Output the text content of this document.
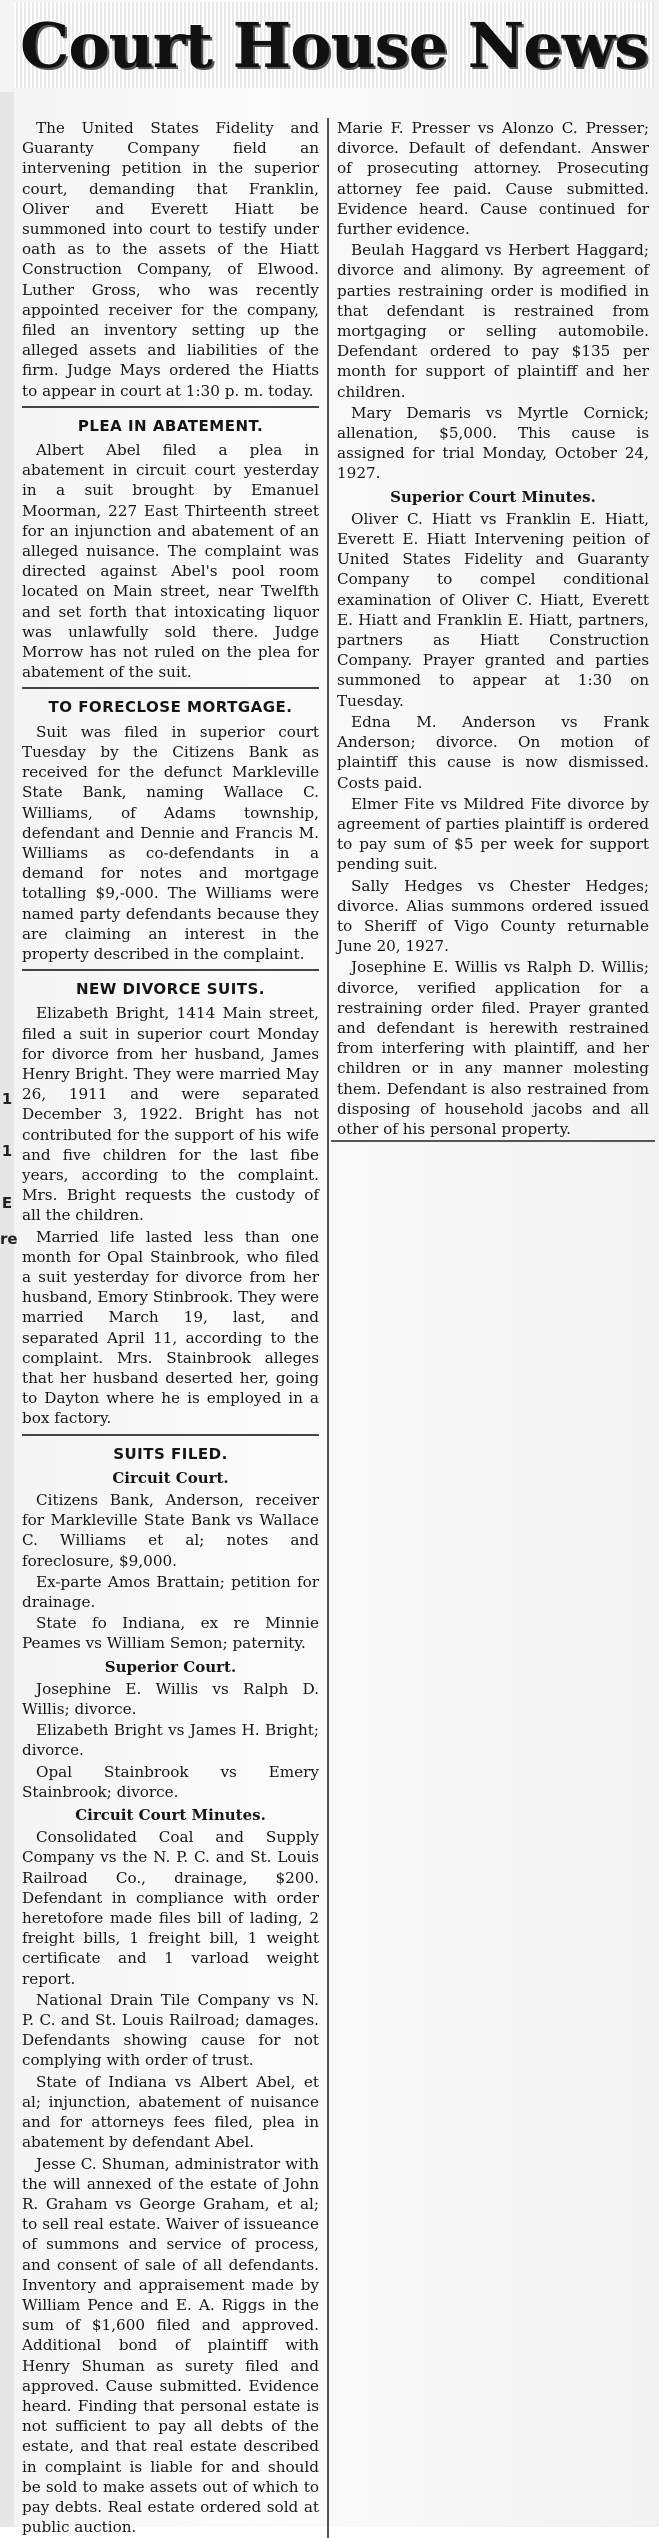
Court House News
1
1
E
re

The United States Fidelity and Guaranty Company field an intervening petition in the superior court, demanding that Franklin, Oliver and Everett Hiatt be summoned into court to testify under oath as to the assets of the Hiatt Construction Company, of Elwood. Luther Gross, who was recently appointed receiver for the company, filed an inventory setting up the alleged assets and liabilities of the firm. Judge Mays ordered the Hiatts to appear in court at 1:30 p. m. today.

PLEA IN ABATEMENT.

Albert Abel filed a plea in abatement in circuit court yesterday in a suit brought by Emanuel Moorman, 227 East Thirteenth street for an injunction and abatement of an alleged nuisance. The complaint was directed against Abel's pool room located on Main street, near Twelfth and set forth that intoxicating liquor was unlawfully sold there. Judge Morrow has not ruled on the plea for abatement of the suit.

TO FORECLOSE MORTGAGE.

Suit was filed in superior court Tuesday by the Citizens Bank as received for the defunct Markleville State Bank, naming Wallace C. Williams, of Adams township, defendant and Dennie and Francis M. Williams as co-defendants in a demand for notes and mortgage totalling $9,-000. The Williams were named party defendants because they are claiming an interest in the property described in the complaint.

NEW DIVORCE SUITS.

Elizabeth Bright, 1414 Main street, filed a suit in superior court Monday for divorce from her husband, James Henry Bright. They were married May 26, 1911 and were separated December 3, 1922. Bright has not contributed for the support of his wife and five children for the last fibe years, according to the complaint. Mrs. Bright requests the custody of all the children.

Married life lasted less than one month for Opal Stainbrook, who filed a suit yesterday for divorce from her husband, Emory Stinbrook. They were married March 19, last, and separated April 11, according to the complaint. Mrs. Stainbrook alleges that her husband deserted her, going to Dayton where he is employed in a box factory.

SUITS FILED.
Circuit Court.

Citizens Bank, Anderson, receiver for Markleville State Bank vs Wallace C. Williams et al; notes and foreclosure, $9,000.

Ex-parte Amos Brattain; petition for drainage.

State fo Indiana, ex re Minnie Peames vs William Semon; paternity.

Superior Court.

Josephine E. Willis vs Ralph D. Willis; divorce.

Elizabeth Bright vs James H. Bright; divorce.

Opal Stainbrook vs Emery Stainbrook; divorce.

Circuit Court Minutes.

Consolidated Coal and Supply Company vs the N. P. C. and St. Louis Railroad Co., drainage, $200. Defendant in compliance with order heretofore made files bill of lading, 2 freight bills, 1 freight bill, 1 weight certificate and 1 varload weight report.

National Drain Tile Company vs N. P. C. and St. Louis Railroad; damages. Defendants showing cause for not complying with order of trust.

State of Indiana vs Albert Abel, et al; injunction, abatement of nuisance and for attorneys fees filed, plea in abatement by defendant Abel.

Jesse C. Shuman, administrator with the will annexed of the estate of John R. Graham vs George Graham, et al; to sell real estate. Waiver of issueance of summons and service of process, and consent of sale of all defendants. Inventory and appraisement made by William Pence and E. A. Riggs in the sum of $1,600 filed and approved. Additional bond of plaintiff with Henry Shuman as surety filed and approved. Cause submitted. Evidence heard. Finding that personal estate is not sufficient to pay all debts of the estate, and that real estate described in complaint is liable for and should be sold to make assets out of which to pay debts. Real estate ordered sold at public auction.

Marie F. Presser vs Alonzo C. Presser; divorce. Default of defendant. Answer of prosecuting attorney. Prosecuting attorney fee paid. Cause submitted. Evidence heard. Cause continued for further evidence.

Beulah Haggard vs Herbert Haggard; divorce and alimony. By agreement of parties restraining order is modified in that defendant is restrained from mortgaging or selling automobile. Defendant ordered to pay $135 per month for support of plaintiff and her children.

Mary Demaris vs Myrtle Cornick; allenation, $5,000. This cause is assigned for trial Monday, October 24, 1927.

Superior Court Minutes.

Oliver C. Hiatt vs Franklin E. Hiatt, Everett E. Hiatt Intervening peition of United States Fidelity and Guaranty Company to compel conditional examination of Oliver C. Hiatt, Everett E. Hiatt and Franklin E. Hiatt, partners, partners as Hiatt Construction Company. Prayer granted and parties summoned to appear at 1:30 on Tuesday.

Edna M. Anderson vs Frank Anderson; divorce. On motion of plaintiff this cause is now dismissed. Costs paid.

Elmer Fite vs Mildred Fite divorce by agreement of parties plaintiff is ordered to pay sum of $5 per week for support pending suit.

Sally Hedges vs Chester Hedges; divorce. Alias summons ordered issued to Sheriff of Vigo County returnable June 20, 1927.

Josephine E. Willis vs Ralph D. Willis; divorce, verified application for a restraining order filed. Prayer granted and defendant is herewith restrained from interfering with plaintiff, and her children or in any manner molesting them. Defendant is also restrained from disposing of household jacobs and all other of his personal property.
